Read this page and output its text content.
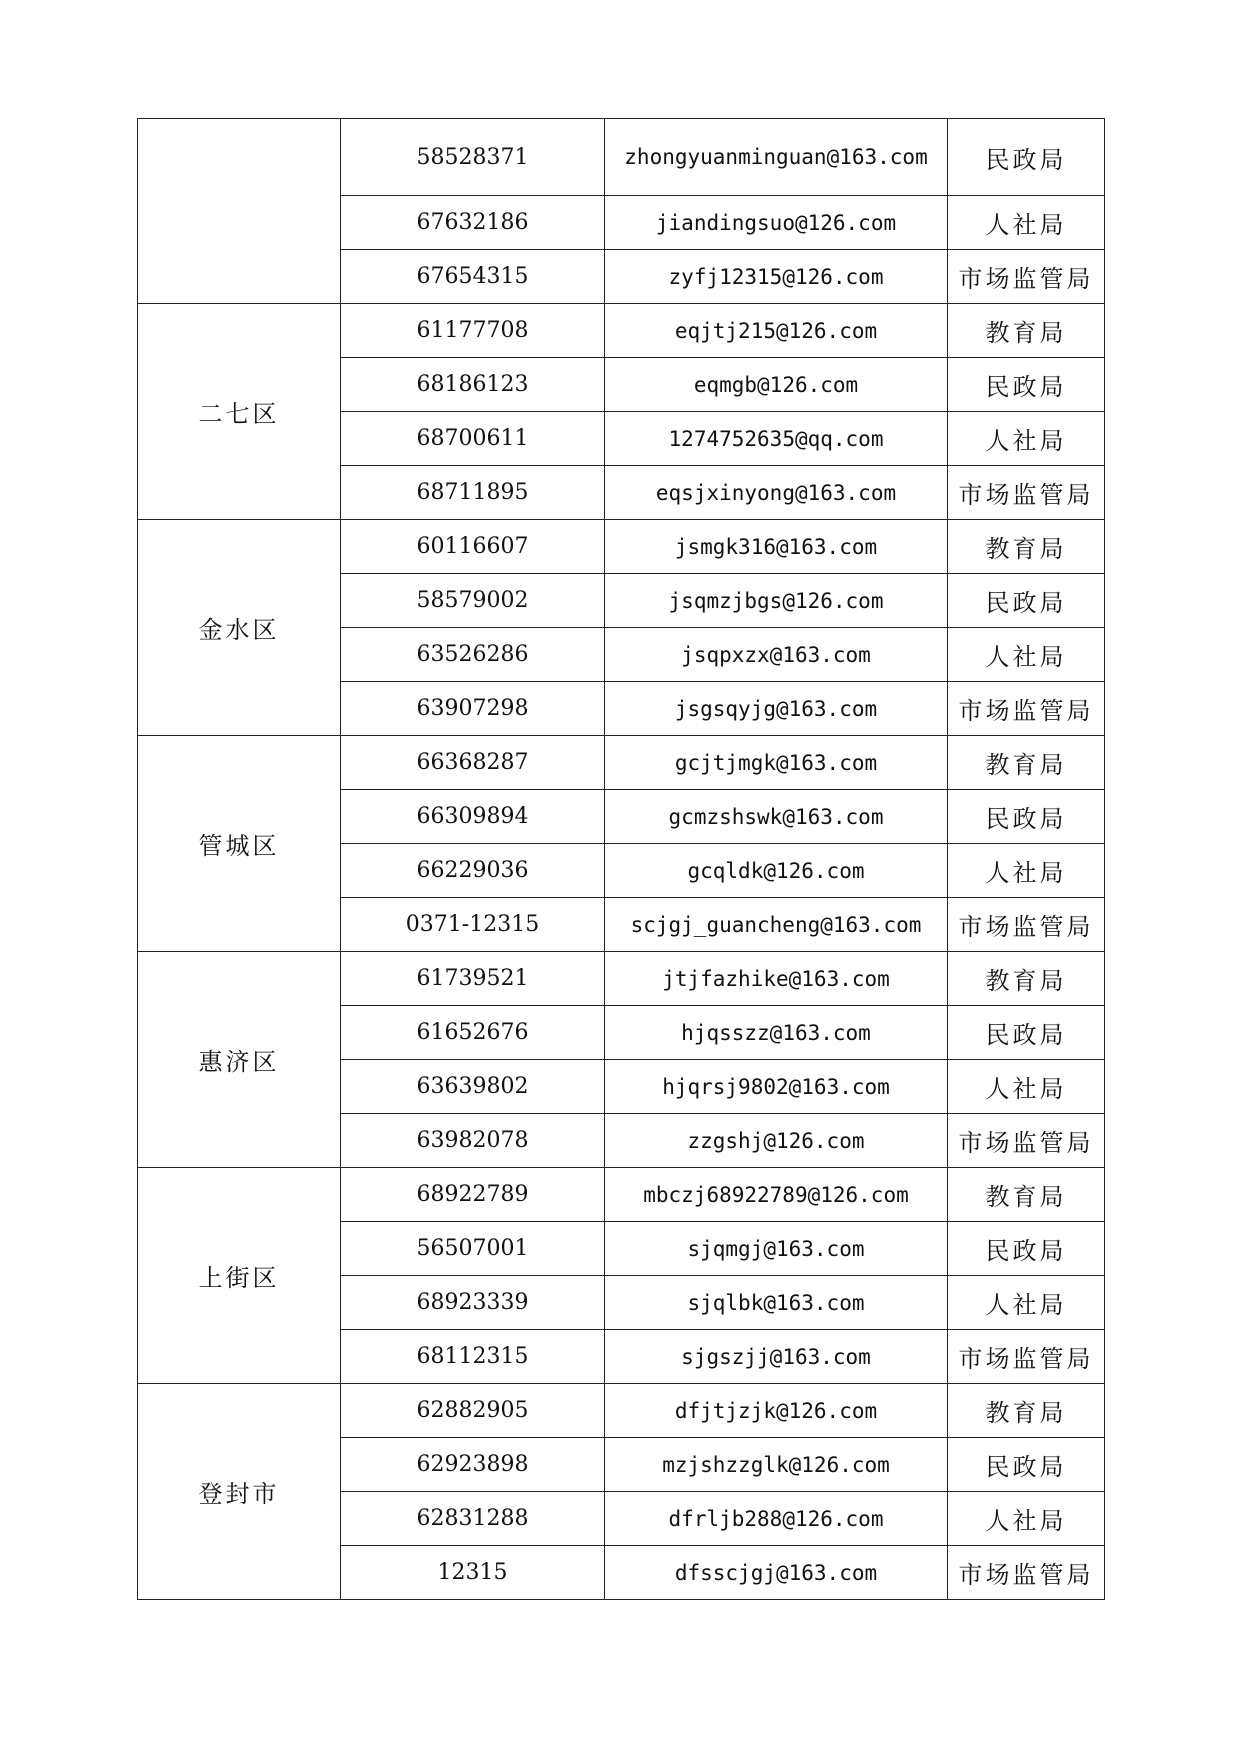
	58528371	zhongyuanminguan@163.com	民政局
	67632186	jiandingsuo@126.com	人社局
	67654315	zyfj12315@126.com	市场监管局
二七区	61177708	eqjtj215@126.com	教育局
	68186123	eqmgb@126.com	民政局
	68700611	1274752635@qq.com	人社局
	68711895	eqsjxinyong@163.com	市场监管局
金水区	60116607	jsmgk316@163.com	教育局
	58579002	jsqmzjbgs@126.com	民政局
	63526286	jsqpxzx@163.com	人社局
	63907298	jsgsqyjg@163.com	市场监管局
管城区	66368287	gcjtjmgk@163.com	教育局
	66309894	gcmzshswk@163.com	民政局
	66229036	gcqldk@126.com	人社局
	0371-12315	scjgj_guancheng@163.com	市场监管局
惠济区	61739521	jtjfazhike@163.com	教育局
	61652676	hjqsszz@163.com	民政局
	63639802	hjqrsj9802@163.com	人社局
	63982078	zzgshj@126.com	市场监管局
上街区	68922789	mbczj68922789@126.com	教育局
	56507001	sjqmgj@163.com	民政局
	68923339	sjqlbk@163.com	人社局
	68112315	sjgszjj@163.com	市场监管局
登封市	62882905	dfjtjzjk@126.com	教育局
	62923898	mzjshzzglk@126.com	民政局
	62831288	dfrljb288@126.com	人社局
	12315	dfsscjgj@163.com	市场监管局
